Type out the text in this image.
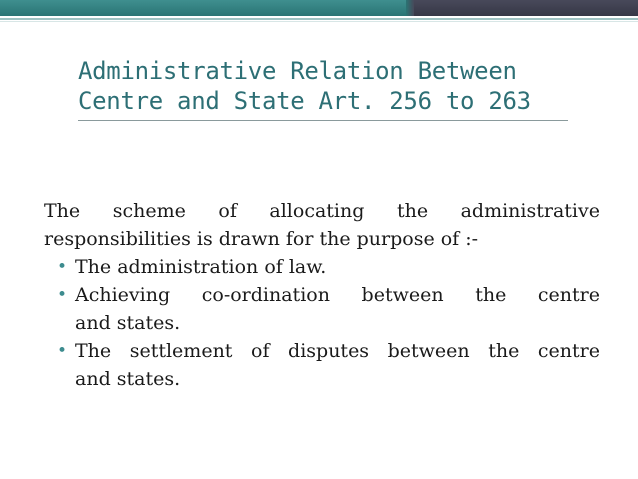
Administrative Relation Between
Centre and State Art. 256 to 263

The scheme of allocating the administrative
responsibilities is drawn for the purpose of :-

• The administration of law.
• Achieving co-ordination between the centre
and states.
• The settlement of disputes between the centre
and states.
